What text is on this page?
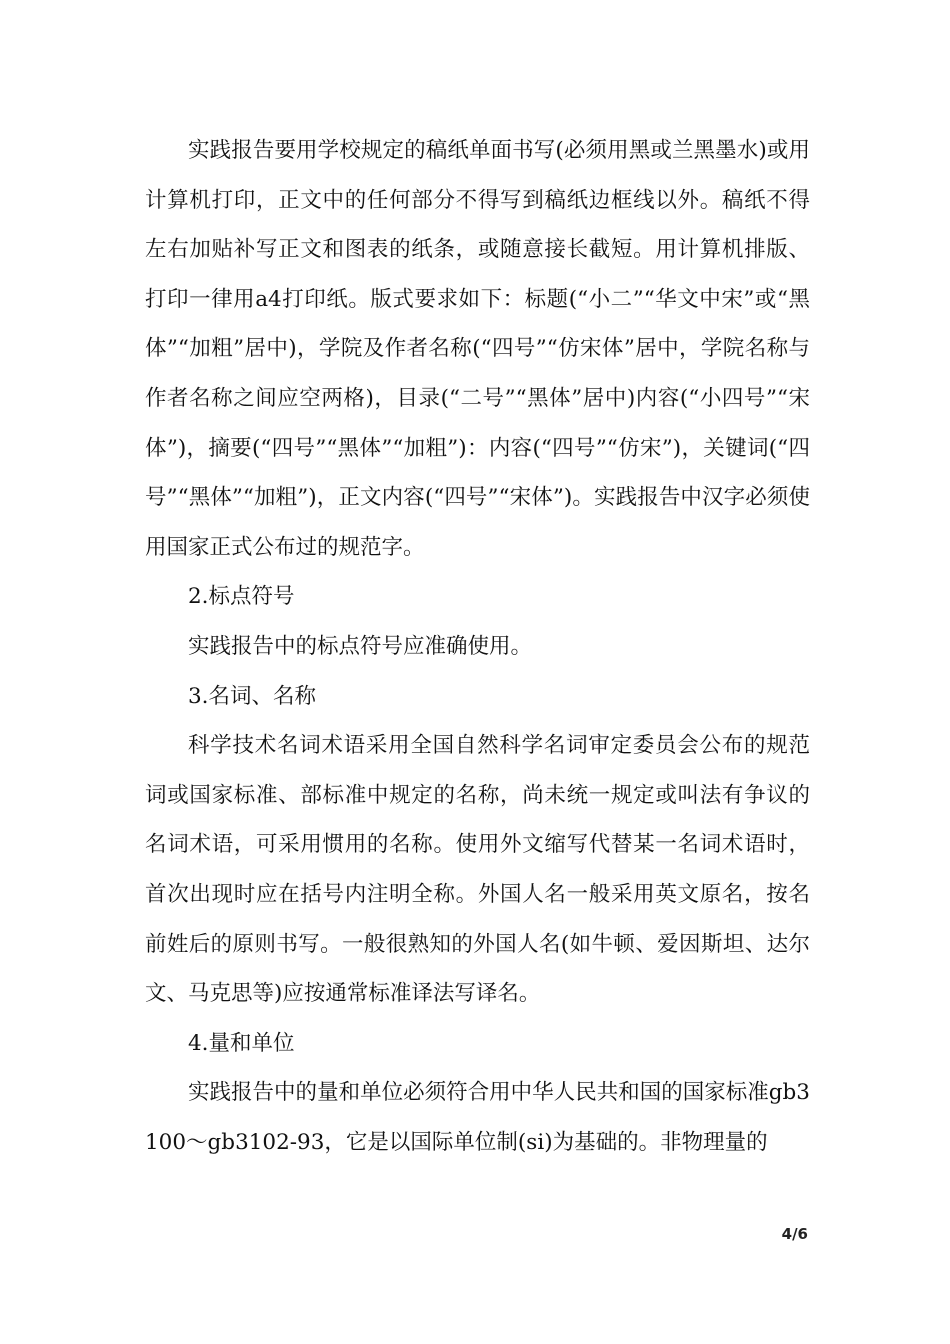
实践报告要用学校规定的稿纸单面书写(必须用黑或兰黑墨水)或用计算机打印，正文中的任何部分不得写到稿纸边框线以外。稿纸不得左右加贴补写正文和图表的纸条，或随意接长截短。用计算机排版、打印一律用a4打印纸。版式要求如下：标题(“小二”“华文中宋”或“黑体”“加粗”居中)，学院及作者名称(“四号”“仿宋体”居中，学院名称与作者名称之间应空两格)，目录(“二号”“黑体”居中)内容(“小四号”“宋体”)，摘要(“四号”“黑体”“加粗”)：内容(“四号”“仿宋”)，关键词(“四号”“黑体”“加粗”)，正文内容(“四号”“宋体”)。实践报告中汉字必须使用国家正式公布过的规范字。

2.标点符号

实践报告中的标点符号应准确使用。

3.名词、名称

科学技术名词术语采用全国自然科学名词审定委员会公布的规范词或国家标准、部标准中规定的名称，尚未统一规定或叫法有争议的名词术语，可采用惯用的名称。使用外文缩写代替某一名词术语时，首次出现时应在括号内注明全称。外国人名一般采用英文原名，按名前姓后的原则书写。一般很熟知的外国人名(如牛顿、爱因斯坦、达尔文、马克思等)应按通常标准译法写译名。

4.量和单位

实践报告中的量和单位必须符合用中华人民共和国的国家标准gb3100～gb3102-93，它是以国际单位制(si)为基础的。非物理量的

4/6
